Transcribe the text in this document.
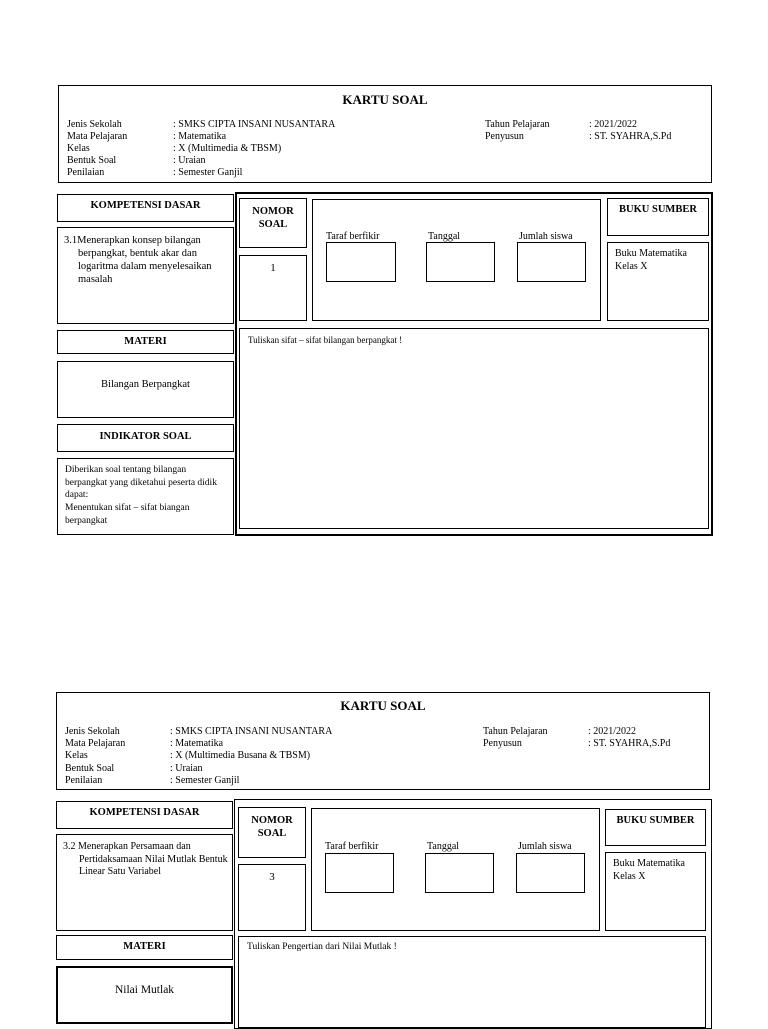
KARTU SOAL
Jenis Sekolah	: SMKS CIPTA INSANI NUSANTARA
Mata Pelajaran	: Matematika
Kelas	: X (Multimedia & TBSM)
Bentuk Soal	: Uraian
Penilaian	: Semester Ganjil
Tahun Pelajaran	: 2021/2022
Penyusun	: ST. SYAHRA,S.Pd
KOMPETENSI DASAR
3.1Menerapkan konsep bilangan berpangkat, bentuk akar dan logaritma dalam menyelesaikan masalah
MATERI
Bilangan Berpangkat
INDIKATOR SOAL
Diberikan soal tentang bilangan berpangkat yang diketahui peserta didik dapat:
Menentukan sifat – sifat biangan berpangkat
NOMOR SOAL
1
Taraf berfikir	Tanggal	Jumlah siswa
BUKU SUMBER
Buku Matematika Kelas X
Tuliskan sifat – sifat bilangan berpangkat !
KARTU SOAL
Jenis Sekolah	: SMKS CIPTA INSANI NUSANTARA
Mata Pelajaran	: Matematika
Kelas	: X (Multimedia Busana & TBSM)
Bentuk Soal	: Uraian
Penilaian	: Semester Ganjil
Tahun Pelajaran	: 2021/2022
Penyusun	: ST. SYAHRA,S.Pd
KOMPETENSI DASAR
3.2 Menerapkan Persamaan dan Pertidaksamaan Nilai Mutlak Bentuk Linear Satu Variabel
MATERI
Nilai Mutlak
NOMOR SOAL
3
Taraf berfikir	Tanggal	Jumlah siswa
BUKU SUMBER
Buku Matematika Kelas X
Tuliskan Pengertian dari Nilai Mutlak !
